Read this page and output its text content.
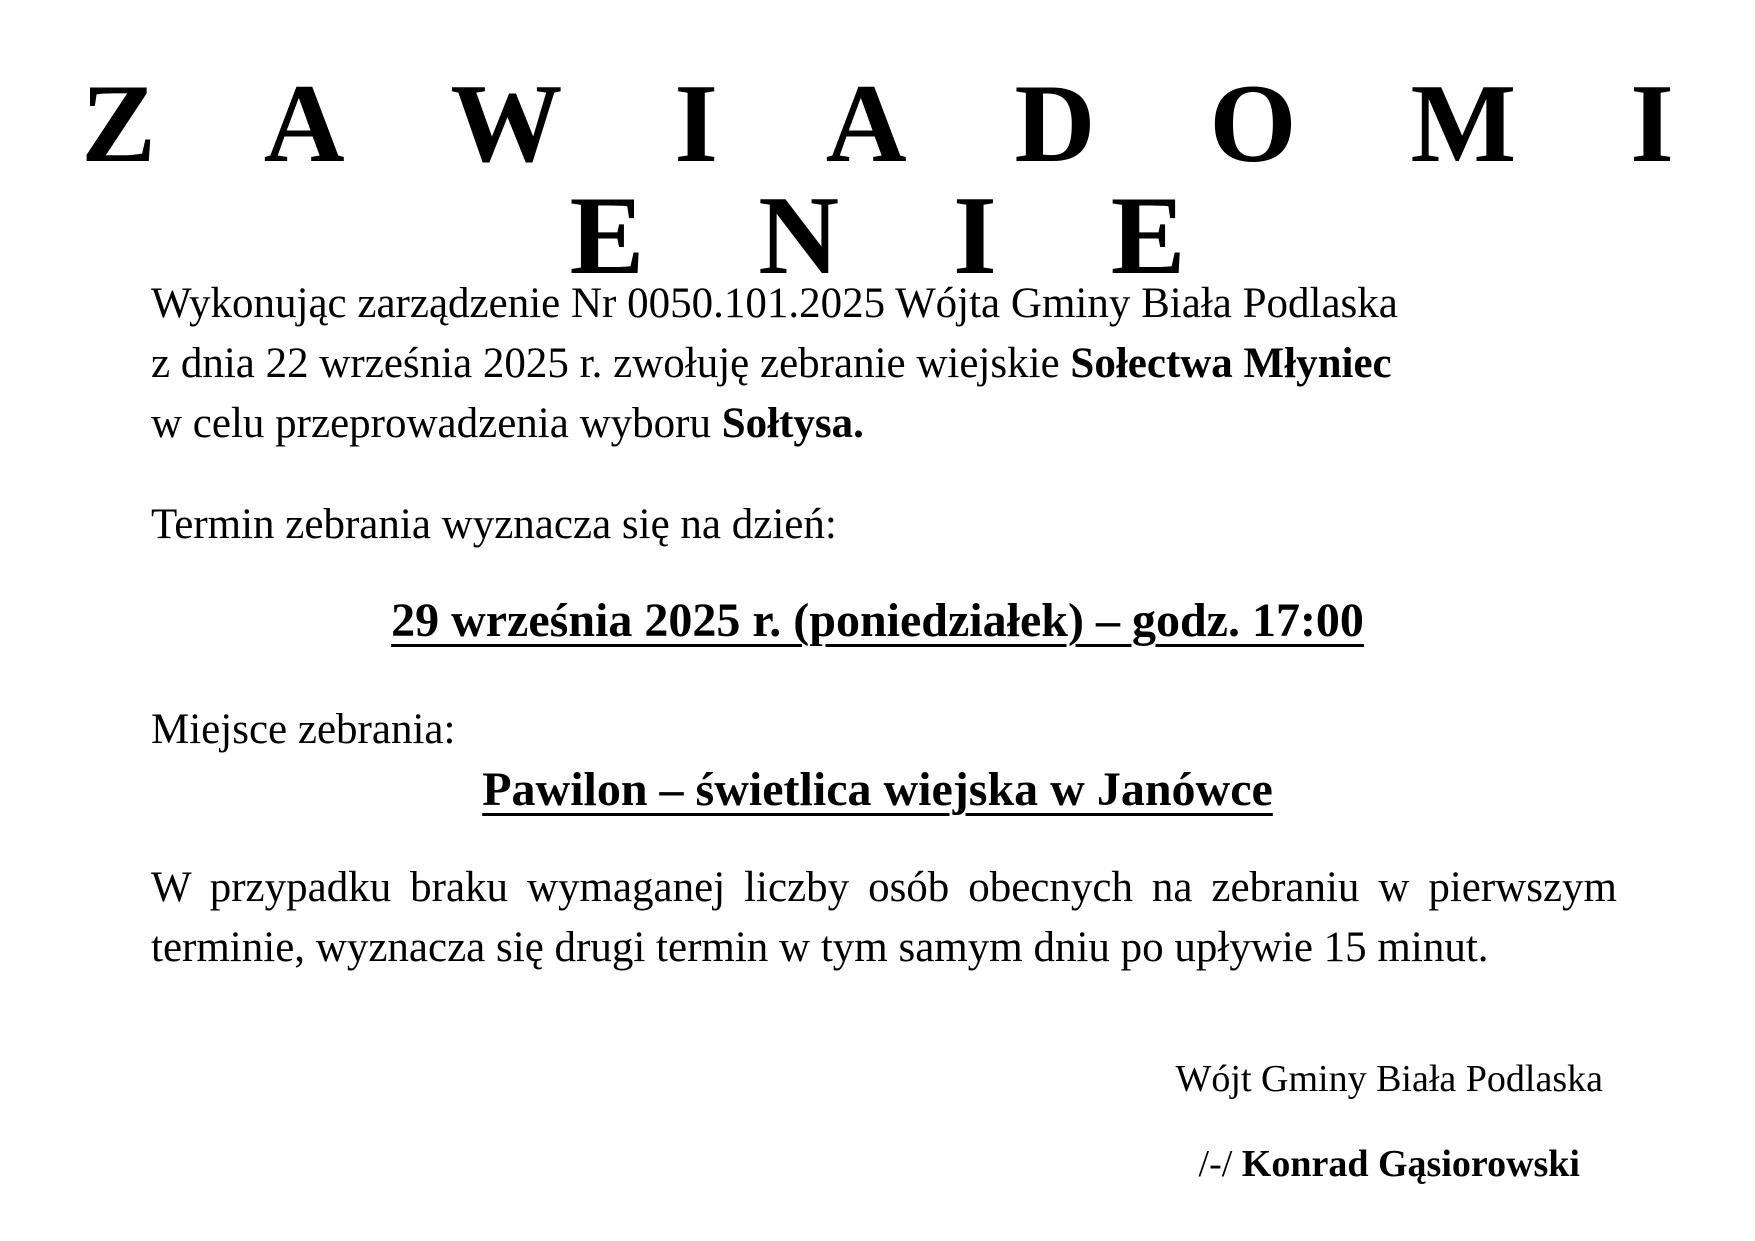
Z A W I A D O M I E N I E
Wykonując zarządzenie Nr 0050.101.2025 Wójta Gminy Biała Podlaska
z dnia 22 września 2025 r. zwołuję zebranie wiejskie Sołectwa Młyniec
w celu przeprowadzenia wyboru Sołtysa.
Termin zebrania wyznacza się na dzień:
29 września 2025 r. (poniedziałek) – godz. 17:00
Miejsce zebrania:
Pawilon – świetlica wiejska w Janówce
W przypadku braku wymaganej liczby osób obecnych na zebraniu w pierwszym terminie, wyznacza się drugi termin w tym samym dniu po upływie 15 minut.
Wójt Gminy Biała Podlaska
/-/ Konrad Gąsiorowski
